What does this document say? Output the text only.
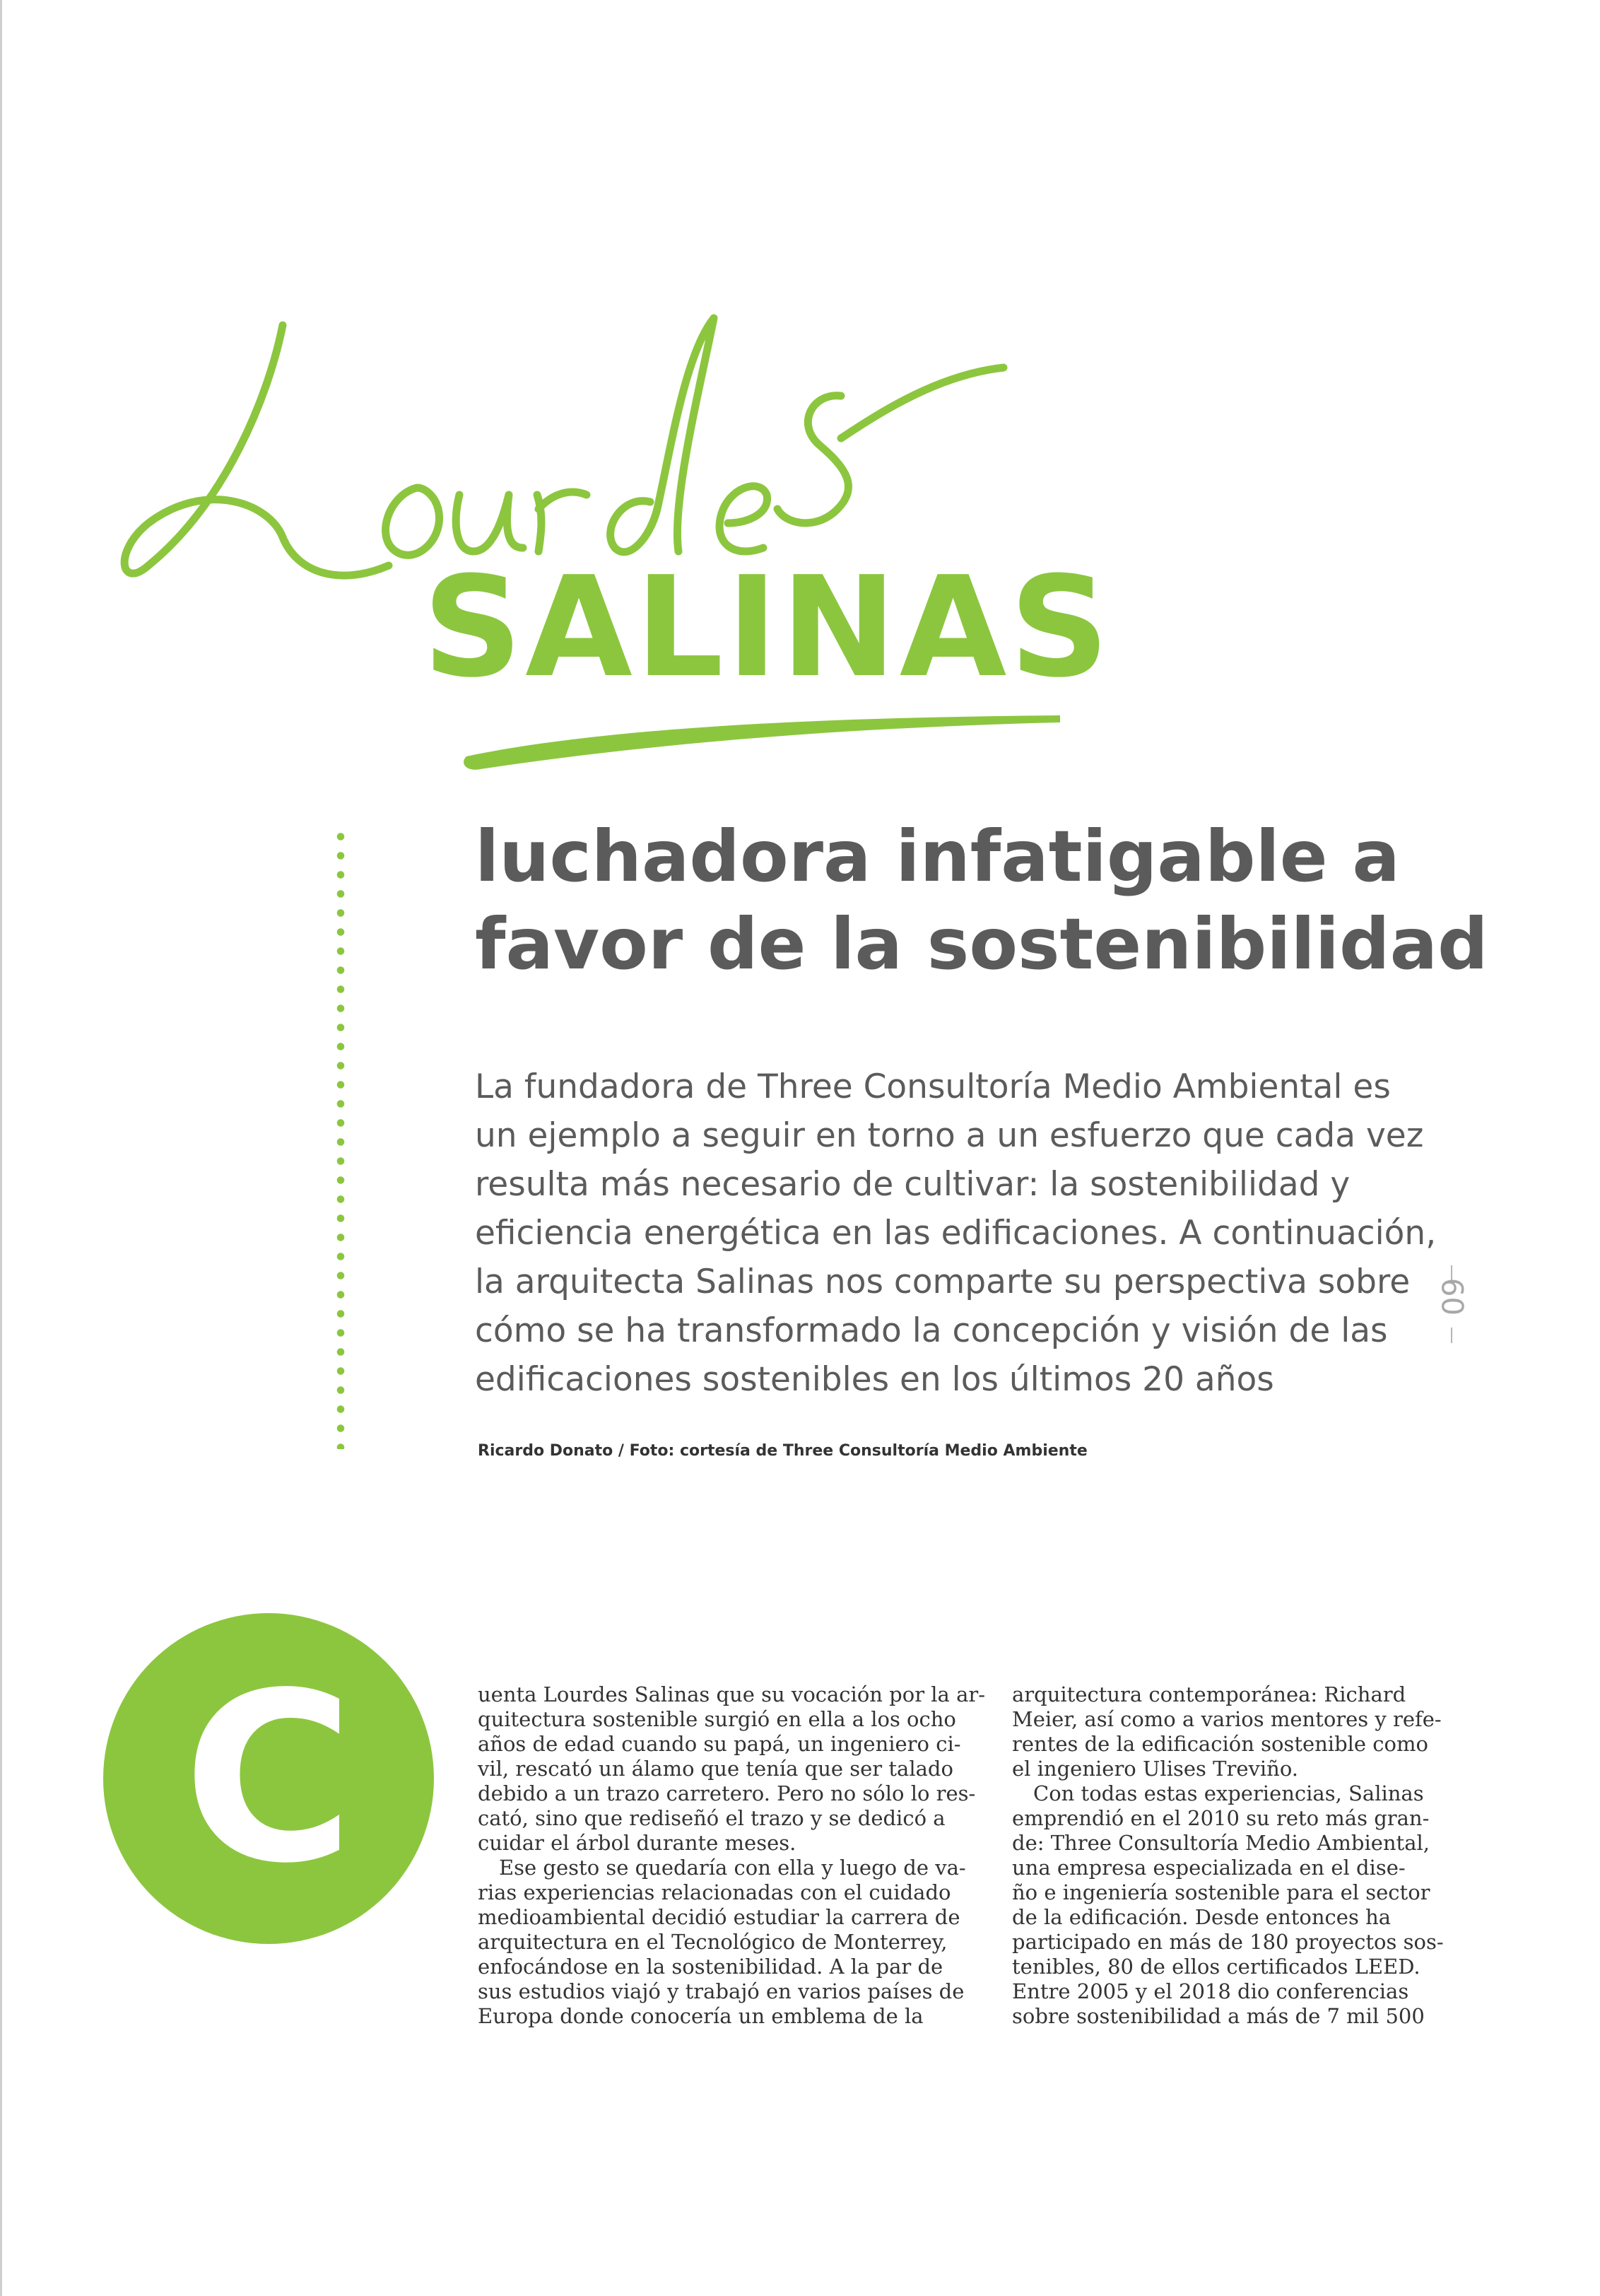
SALINAS
luchadora infatigable a
favor de la sostenibilidad

La fundadora de Three Consultoría Medio Ambiental es
un ejemplo a seguir en torno a un esfuerzo que cada vez
resulta más necesario de cultivar: la sostenibilidad y
eficiencia energética en las edificaciones. A continuación,
la arquitecta Salinas nos comparte su perspectiva sobre
cómo se ha transformado la concepción y visión de las
edificaciones sostenibles en los últimos 20 años

60
Ricardo Donato / Foto: cortesía de Three Consultoría Medio Ambiente
C	uenta Lourdes Salinas que su vocación por la ar-
quitectura sostenible surgió en ella a los ocho
años de edad cuando su papá, un ingeniero ci-
vil, rescató un álamo que tenía que ser talado
debido a un trazo carretero. Pero no sólo lo res-
cató, sino que rediseñó el trazo y se dedicó a
cuidar el árbol durante meses.
Ese gesto se quedaría con ella y luego de va-
rias experiencias relacionadas con el cuidado
medioambiental decidió estudiar la carrera de
arquitectura en el Tecnológico de Monterrey,
enfocándose en la sostenibilidad. A la par de
sus estudios viajó y trabajó en varios países de
Europa donde conocería un emblema de la
arquitectura contemporánea: Richard
Meier, así como a varios mentores y refe-
rentes de la edificación sostenible como
el ingeniero Ulises Treviño.
Con todas estas experiencias, Salinas
emprendió en el 2010 su reto más gran-
de: Three Consultoría Medio Ambiental,
una empresa especializada en el dise-
ño e ingeniería sostenible para el sector
de la edificación. Desde entonces ha
participado en más de 180 proyectos sos-
tenibles, 80 de ellos certificados LEED.
Entre 2005 y el 2018 dio conferencias
sobre sostenibilidad a más de 7 mil 500
